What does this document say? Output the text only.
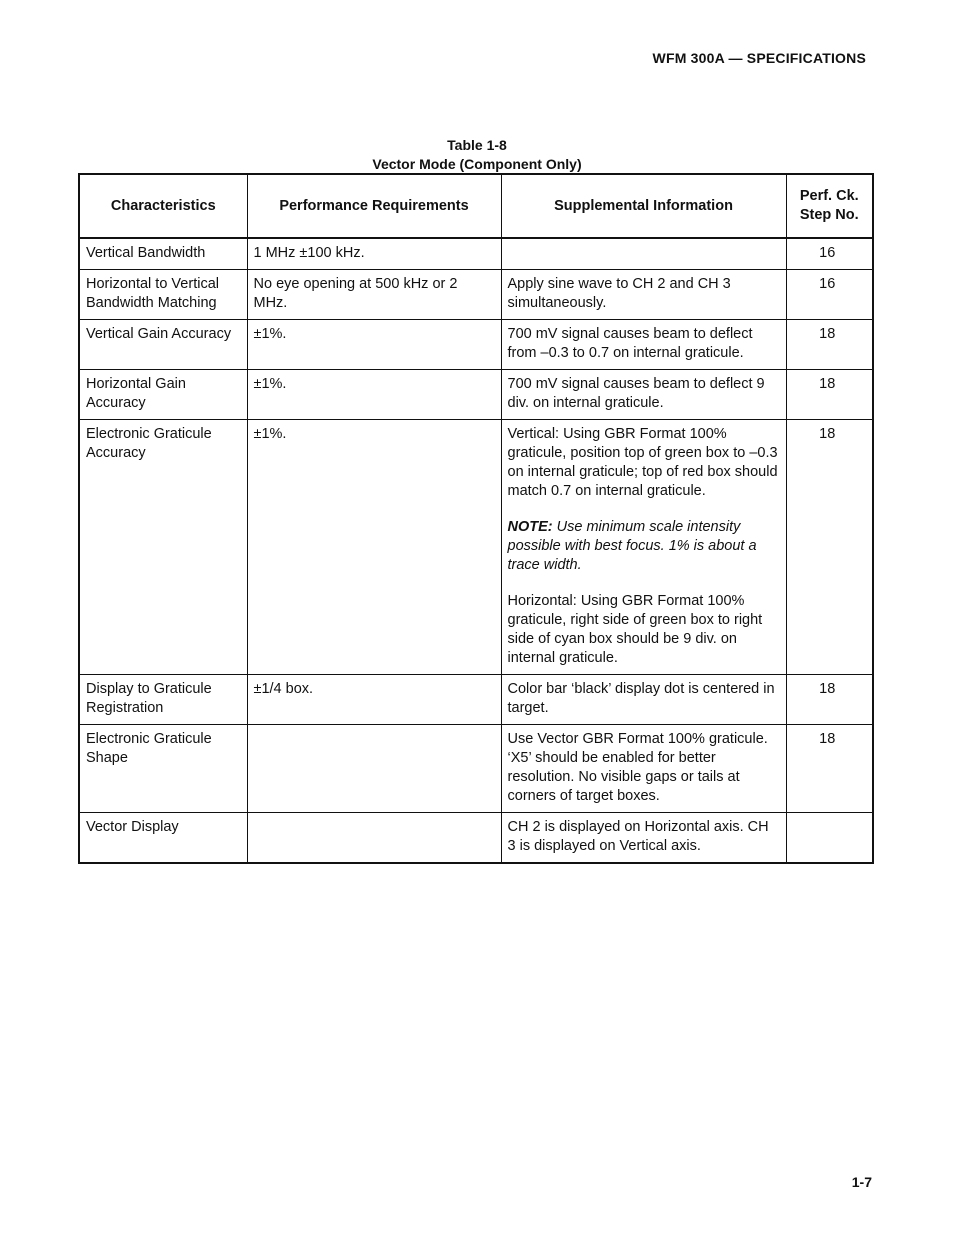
WFM 300A — SPECIFICATIONS
Table 1-8
Vector Mode (Component Only)
Characteristics	Performance Requirements	Supplemental Information	Perf. Ck. Step No.
Vertical Bandwidth	1 MHz ±100 kHz.		16
Horizontal to Vertical Bandwidth Matching	No eye opening at 500 kHz or 2 MHz.	Apply sine wave to CH 2 and CH 3 simultaneously.	16
Vertical Gain Accuracy	±1%.	700 mV signal causes beam to deflect from –0.3 to 0.7 on internal graticule.	18
Horizontal Gain Accuracy	±1%.	700 mV signal causes beam to deflect 9 div. on internal graticule.	18
Electronic Graticule Accuracy	±1%.	Vertical: Using GBR Format 100% graticule, position top of green box to –0.3 on internal graticule; top of red box should match 0.7 on internal graticule.

NOTE: Use minimum scale intensity possible with best focus. 1% is about a trace width.

Horizontal: Using GBR Format 100% graticule, right side of green box to right side of cyan box should be 9 div. on internal graticule.	18
Display to Graticule Registration	±1/4 box.	Color bar ‘black’ display dot is centered in target.	18
Electronic Graticule Shape		Use Vector GBR Format 100% graticule. ‘X5’ should be enabled for better resolution. No visible gaps or tails at corners of target boxes.	18
Vector Display		CH 2 is displayed on Horizontal axis. CH 3 is displayed on Vertical axis.	

1-7
